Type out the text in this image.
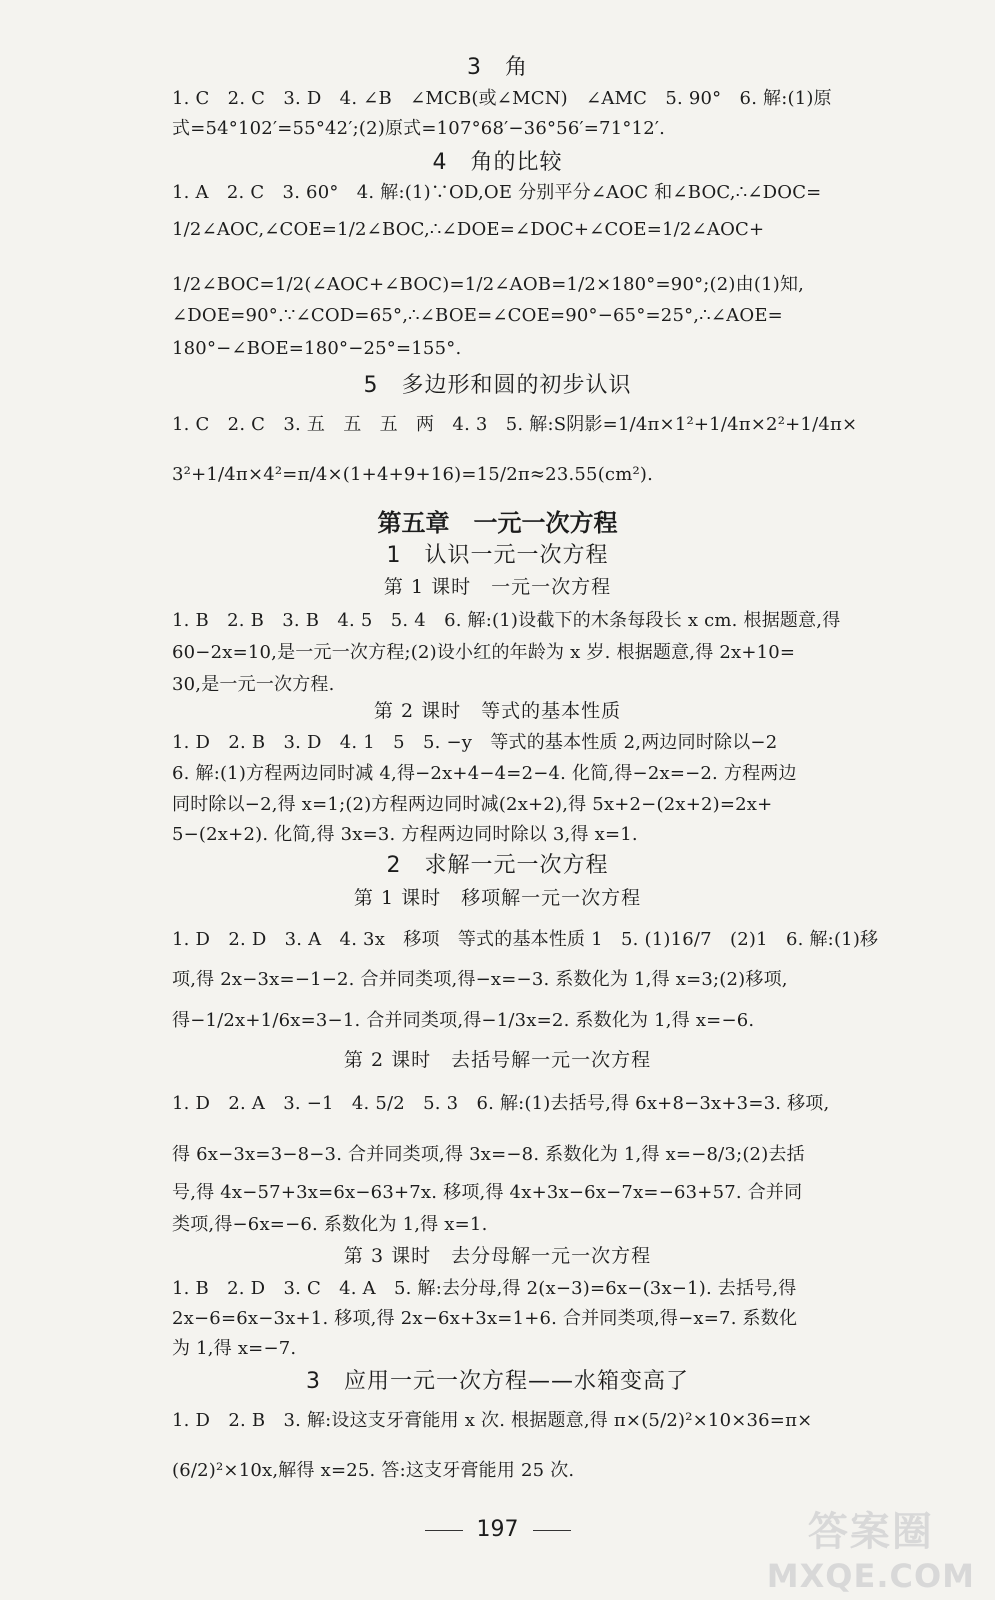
3　角
1. C　2. C　3. D　4. ∠B　∠MCB(或∠MCN)　∠AMC　5. 90°　6. 解:(1)原
式=54°102′=55°42′;(2)原式=107°68′−36°56′=71°12′.
4　角的比较
1. A　2. C　3. 60°　4. 解:(1)∵OD,OE 分别平分∠AOC 和∠BOC,∴∠DOC=
1/2∠AOC,∠COE=1/2∠BOC,∴∠DOE=∠DOC+∠COE=1/2∠AOC+
1/2∠BOC=1/2(∠AOC+∠BOC)=1/2∠AOB=1/2×180°=90°;(2)由(1)知,
∠DOE=90°.∵∠COD=65°,∴∠BOE=∠COE=90°−65°=25°,∴∠AOE=
180°−∠BOE=180°−25°=155°.
5　多边形和圆的初步认识
1. C　2. C　3. 五　五　五　两　4. 3　5. 解:S阴影=1/4π×1²+1/4π×2²+1/4π×
3²+1/4π×4²=π/4×(1+4+9+16)=15/2π≈23.55(cm²).
第五章　一元一次方程
1　认识一元一次方程
第 1 课时　一元一次方程
1. B　2. B　3. B　4. 5　5. 4　6. 解:(1)设截下的木条每段长 x cm. 根据题意,得
60−2x=10,是一元一次方程;(2)设小红的年龄为 x 岁. 根据题意,得 2x+10=
30,是一元一次方程.
第 2 课时　等式的基本性质
1. D　2. B　3. D　4. 1　5　5. −y　等式的基本性质 2,两边同时除以−2
6. 解:(1)方程两边同时减 4,得−2x+4−4=2−4. 化简,得−2x=−2. 方程两边
同时除以−2,得 x=1;(2)方程两边同时减(2x+2),得 5x+2−(2x+2)=2x+
5−(2x+2). 化简,得 3x=3. 方程两边同时除以 3,得 x=1.
2　求解一元一次方程
第 1 课时　移项解一元一次方程
1. D　2. D　3. A　4. 3x　移项　等式的基本性质 1　5. (1)16/7　(2)1　6. 解:(1)移
项,得 2x−3x=−1−2. 合并同类项,得−x=−3. 系数化为 1,得 x=3;(2)移项,
得−1/2x+1/6x=3−1. 合并同类项,得−1/3x=2. 系数化为 1,得 x=−6.
第 2 课时　去括号解一元一次方程
1. D　2. A　3. −1　4. 5/2　5. 3　6. 解:(1)去括号,得 6x+8−3x+3=3. 移项,
得 6x−3x=3−8−3. 合并同类项,得 3x=−8. 系数化为 1,得 x=−8/3;(2)去括
号,得 4x−57+3x=6x−63+7x. 移项,得 4x+3x−6x−7x=−63+57. 合并同
类项,得−6x=−6. 系数化为 1,得 x=1.
第 3 课时　去分母解一元一次方程
1. B　2. D　3. C　4. A　5. 解:去分母,得 2(x−3)=6x−(3x−1). 去括号,得
2x−6=6x−3x+1. 移项,得 2x−6x+3x=1+6. 合并同类项,得−x=7. 系数化
为 1,得 x=−7.
3　应用一元一次方程——水箱变高了
1. D　2. B　3. 解:设这支牙膏能用 x 次. 根据题意,得 π×(5/2)²×10×36=π×
(6/2)²×10x,解得 x=25. 答:这支牙膏能用 25 次.
197	答案圈
MXQE.COM
